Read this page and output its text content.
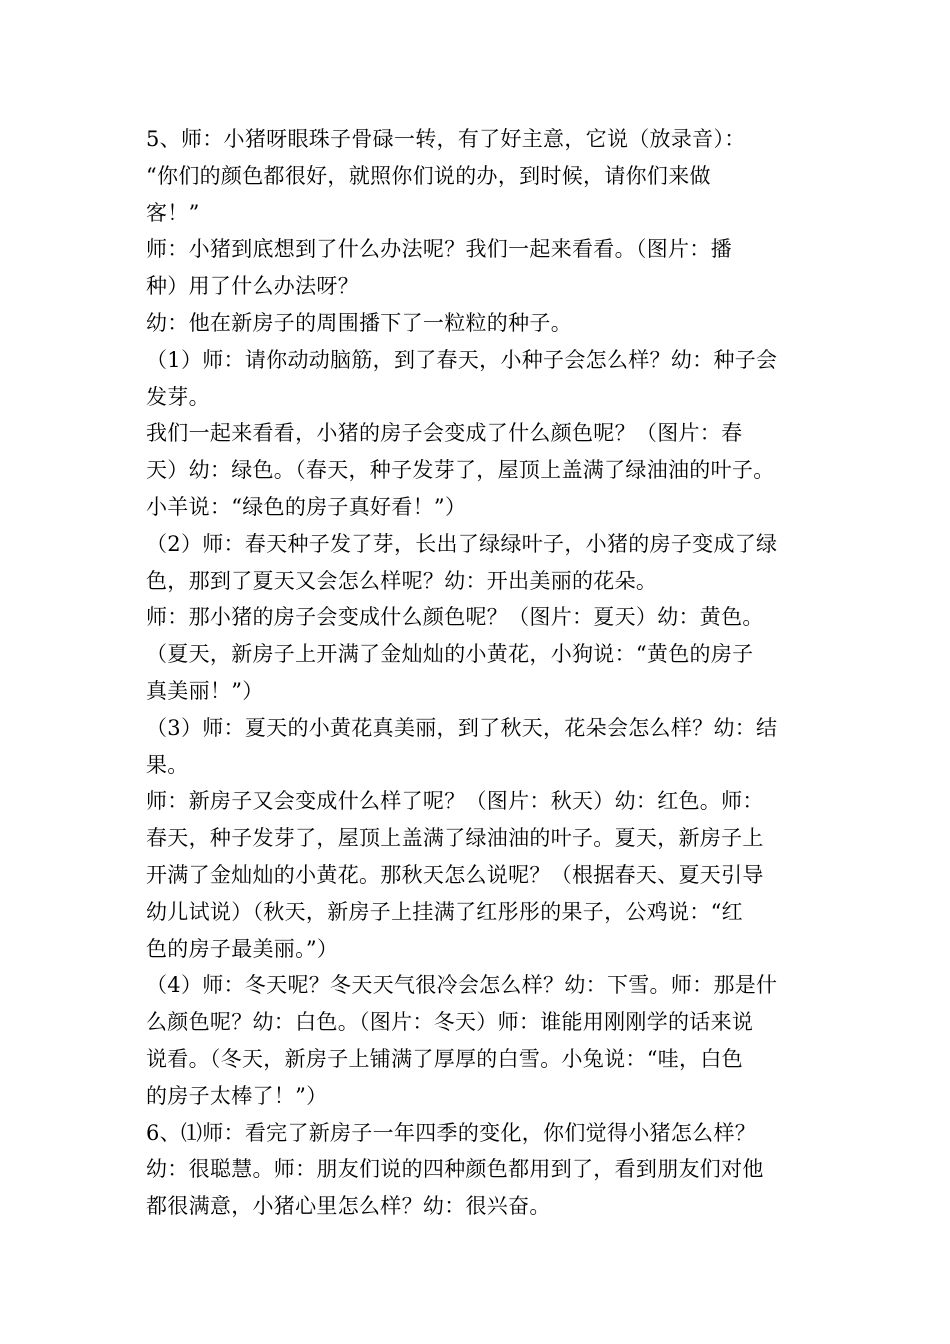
5、师：小猪呀眼珠子骨碌一转，有了好主意，它说（放录音）：
“你们的颜色都很好，就照你们说的办，到时候，请你们来做
客！”
师：小猪到底想到了什么办法呢？我们一起来看看。（图片：播
种）用了什么办法呀？
幼：他在新房子的周围播下了一粒粒的种子。
（1）师：请你动动脑筋，到了春天，小种子会怎么样？幼：种子会
发芽。
我们一起来看看，小猪的房子会变成了什么颜色呢？（图片：春
天）幼：绿色。（春天，种子发芽了，屋顶上盖满了绿油油的叶子。
小羊说：“绿色的房子真好看！”）
（2）师：春天种子发了芽，长出了绿绿叶子，小猪的房子变成了绿
色，那到了夏天又会怎么样呢？幼：开出美丽的花朵。
师：那小猪的房子会变成什么颜色呢？（图片：夏天）幼：黄色。
（夏天，新房子上开满了金灿灿的小黄花，小狗说：“黄色的房子
真美丽！”）
（3）师：夏天的小黄花真美丽，到了秋天，花朵会怎么样？幼：结
果。
师：新房子又会变成什么样了呢？（图片：秋天）幼：红色。师：
春天，种子发芽了，屋顶上盖满了绿油油的叶子。夏天，新房子上
开满了金灿灿的小黄花。那秋天怎么说呢？（根据春天、夏天引导
幼儿试说）（秋天，新房子上挂满了红彤彤的果子，公鸡说：“红
色的房子最美丽。”）
（4）师：冬天呢？冬天天气很冷会怎么样？幼：下雪。师：那是什
么颜色呢？幼：白色。（图片：冬天）师：谁能用刚刚学的话来说
说看。（冬天，新房子上铺满了厚厚的白雪。小兔说：“哇，白色
的房子太棒了！”）
6、⑴师：看完了新房子一年四季的变化，你们觉得小猪怎么样？
幼：很聪慧。师：朋友们说的四种颜色都用到了，看到朋友们对他
都很满意，小猪心里怎么样？幼：很兴奋。
